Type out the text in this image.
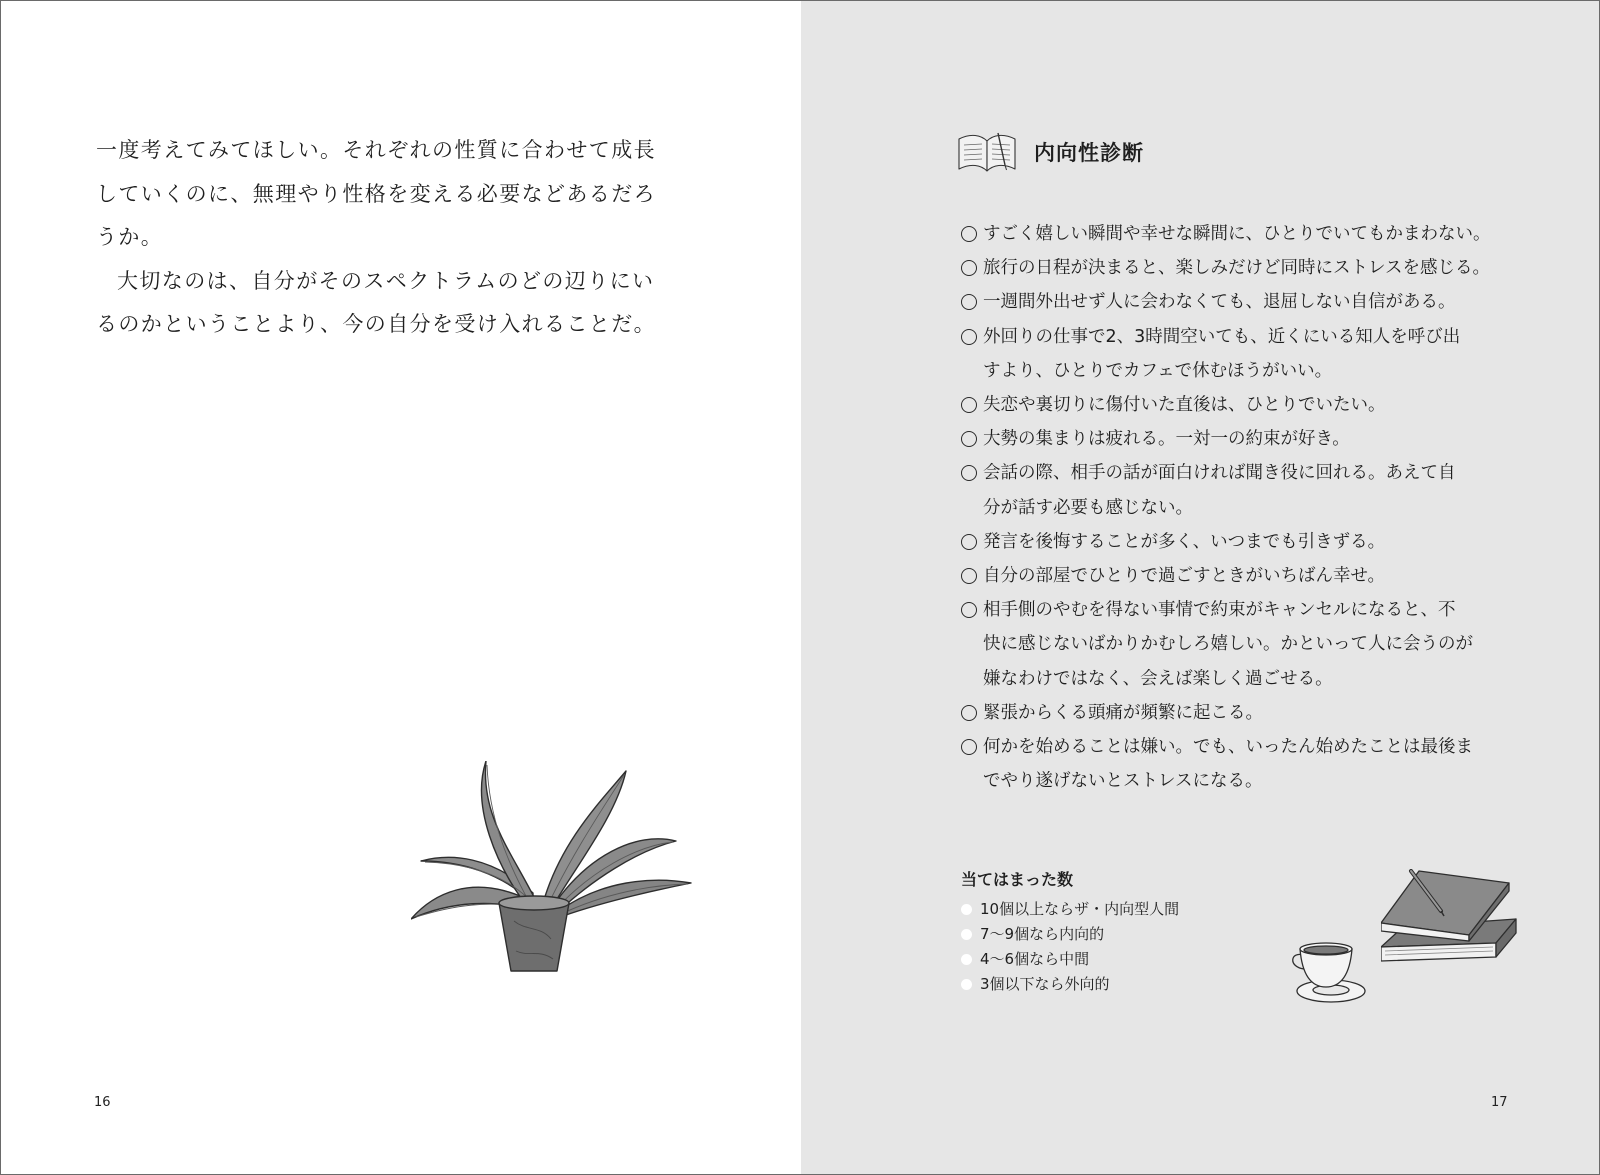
一度考えてみてほしい。それぞれの性質に合わせて成長
していくのに、無理やり性格を変える必要などあるだろ
うか。
大切なのは、自分がそのスペクトラムのどの辺りにい
るのかということより、今の自分を受け入れることだ。

16
内向性診断
すごく嬉しい瞬間や幸せな瞬間に、ひとりでいてもかまわない。
旅行の日程が決まると、楽しみだけど同時にストレスを感じる。
一週間外出せず人に会わなくても、退屈しない自信がある。
外回りの仕事で2、3時間空いても、近くにいる知人を呼び出
すより、ひとりでカフェで休むほうがいい。
失恋や裏切りに傷付いた直後は、ひとりでいたい。
大勢の集まりは疲れる。一対一の約束が好き。
会話の際、相手の話が面白ければ聞き役に回れる。あえて自
分が話す必要も感じない。
発言を後悔することが多く、いつまでも引きずる。
自分の部屋でひとりで過ごすときがいちばん幸せ。
相手側のやむを得ない事情で約束がキャンセルになると、不
快に感じないばかりかむしろ嬉しい。かといって人に会うのが
嫌なわけではなく、会えば楽しく過ごせる。
緊張からくる頭痛が頻繁に起こる。
何かを始めることは嫌い。でも、いったん始めたことは最後ま
でやり遂げないとストレスになる。
当てはまった数
10個以上ならザ・内向型人間
7〜9個なら内向的
4〜6個なら中間
3個以下なら外向的
17
